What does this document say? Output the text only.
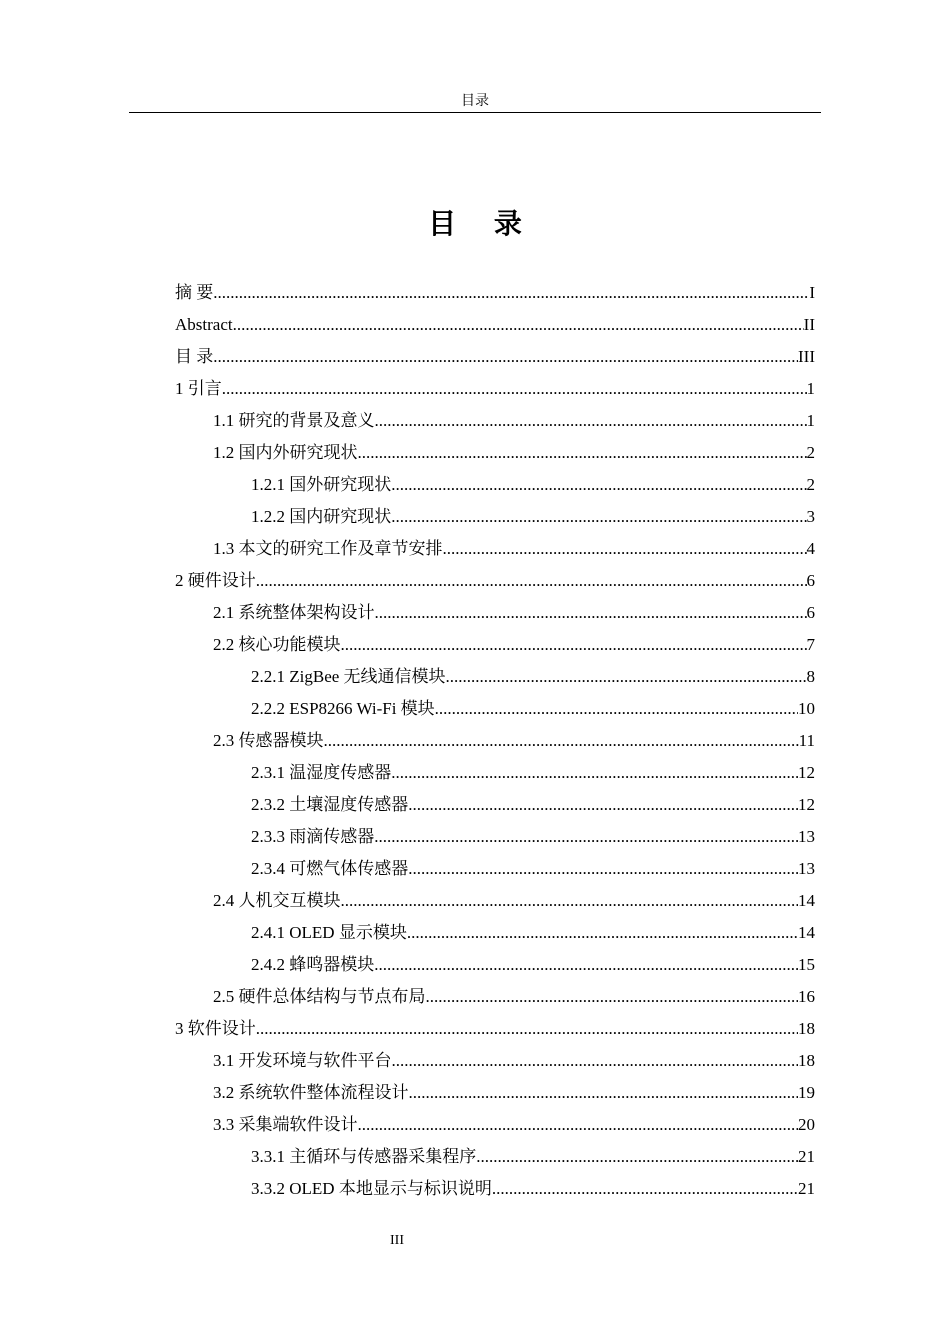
目录
目 录
摘 要 .....	I
Abstract .....	II
目 录 .....	III
1 引言 .....	1
1.1 研究的背景及意义 .....	1
1.2 国内外研究现状 .....	2
1.2.1 国外研究现状 .....	2
1.2.2 国内研究现状 .....	3
1.3 本文的研究工作及章节安排 .....	4
2 硬件设计 .....	6
2.1 系统整体架构设计 .....	6
2.2 核心功能模块 .....	7
2.2.1 ZigBee 无线通信模块 .....	8
2.2.2 ESP8266 Wi-Fi 模块 .....	10
2.3 传感器模块 .....	11
2.3.1 温湿度传感器 .....	12
2.3.2 土壤湿度传感器 .....	12
2.3.3 雨滴传感器 .....	13
2.3.4 可燃气体传感器 .....	13
2.4 人机交互模块 .....	14
2.4.1 OLED 显示模块 .....	14
2.4.2 蜂鸣器模块 .....	15
2.5 硬件总体结构与节点布局 .....	16
3 软件设计 .....	18
3.1 开发环境与软件平台 .....	18
3.2 系统软件整体流程设计 .....	19
3.3 采集端软件设计 .....	20
3.3.1 主循环与传感器采集程序 .....	21
3.3.2 OLED 本地显示与标识说明 .....	21
III
